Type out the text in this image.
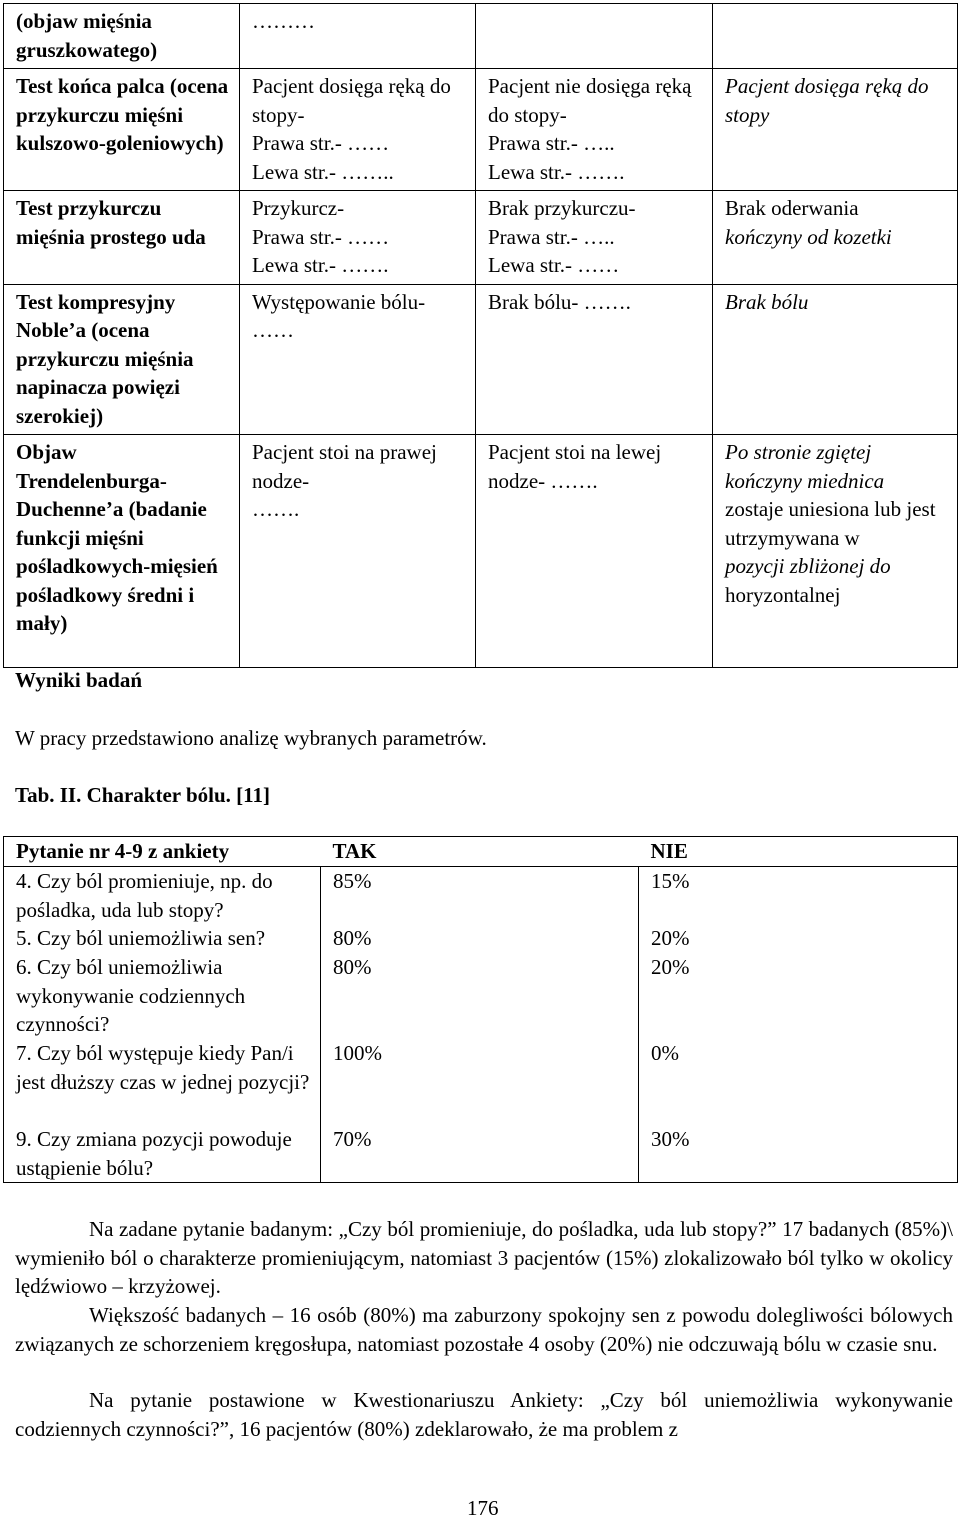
(objaw mięśnia gruszkowatego)	………		
Test końca palca (ocena przykurczu mięśni kulszowo-goleniowych)	Pacjent dosięga ręką do stopy-
Prawa str.- ……
Lewa str.- ……..	Pacjent nie dosięga ręką do stopy-
Prawa str.- …..
Lewa str.- …….	Pacjent dosięga ręką do stopy
Test przykurczu mięśnia prostego uda	Przykurcz-
Prawa str.- ……
Lewa str.- …….	Brak przykurczu-
Prawa str.- …..
Lewa str.- ……	Brak oderwania
kończyny od kozetki
Test kompresyjny Noble’a (ocena przykurczu mięśnia napinacza powięzi szerokiej)	Występowanie bólu-
……	Brak bólu- …….	Brak bólu
Objaw Trendelenburga-Duchenne’a (badanie funkcji mięśni pośladkowych-mięsień pośladkowy średni i mały)	Pacjent stoi na prawej nodze-
…….	Pacjent stoi na lewej nodze- …….	Po stronie zgiętej kończyny miednica
zostaje uniesiona lub jest utrzymywana w
pozycji zbliżonej do
horyzontalnej
Wyniki badań
W pracy przedstawiono analizę wybranych parametrów.
Tab. II. Charakter bólu. [11]
Pytanie nr 4-9 z ankiety	TAK	NIE
4. Czy ból promieniuje, np. do pośladka, uda lub stopy?	85%	15%
5. Czy ból uniemożliwia sen?	80%	20%
6. Czy ból uniemożliwia wykonywanie codziennych czynności?	80%	20%
7. Czy ból występuje kiedy Pan/i jest dłuższy czas w jednej pozycji?	100%	0%
9. Czy zmiana pozycji powoduje ustąpienie bólu?	70%	30%
Na zadane pytanie badanym: „Czy ból promieniuje, do pośladka, uda lub stopy?” 17 badanych (85%)\ wymieniło ból o charakterze promieniującym, natomiast 3 pacjentów (15%) zlokalizowało ból tylko w okolicy lędźwiowo – krzyżowej.
Większość badanych – 16 osób (80%) ma zaburzony spokojny sen z powodu dolegliwości bólowych związanych ze schorzeniem kręgosłupa, natomiast pozostałe 4 osoby (20%) nie odczuwają bólu w czasie snu.
Na pytanie postawione w Kwestionariuszu Ankiety: „Czy ból uniemożliwia wykonywanie codziennych czynności?”, 16 pacjentów (80%) zdeklarowało, że ma problem z
176
